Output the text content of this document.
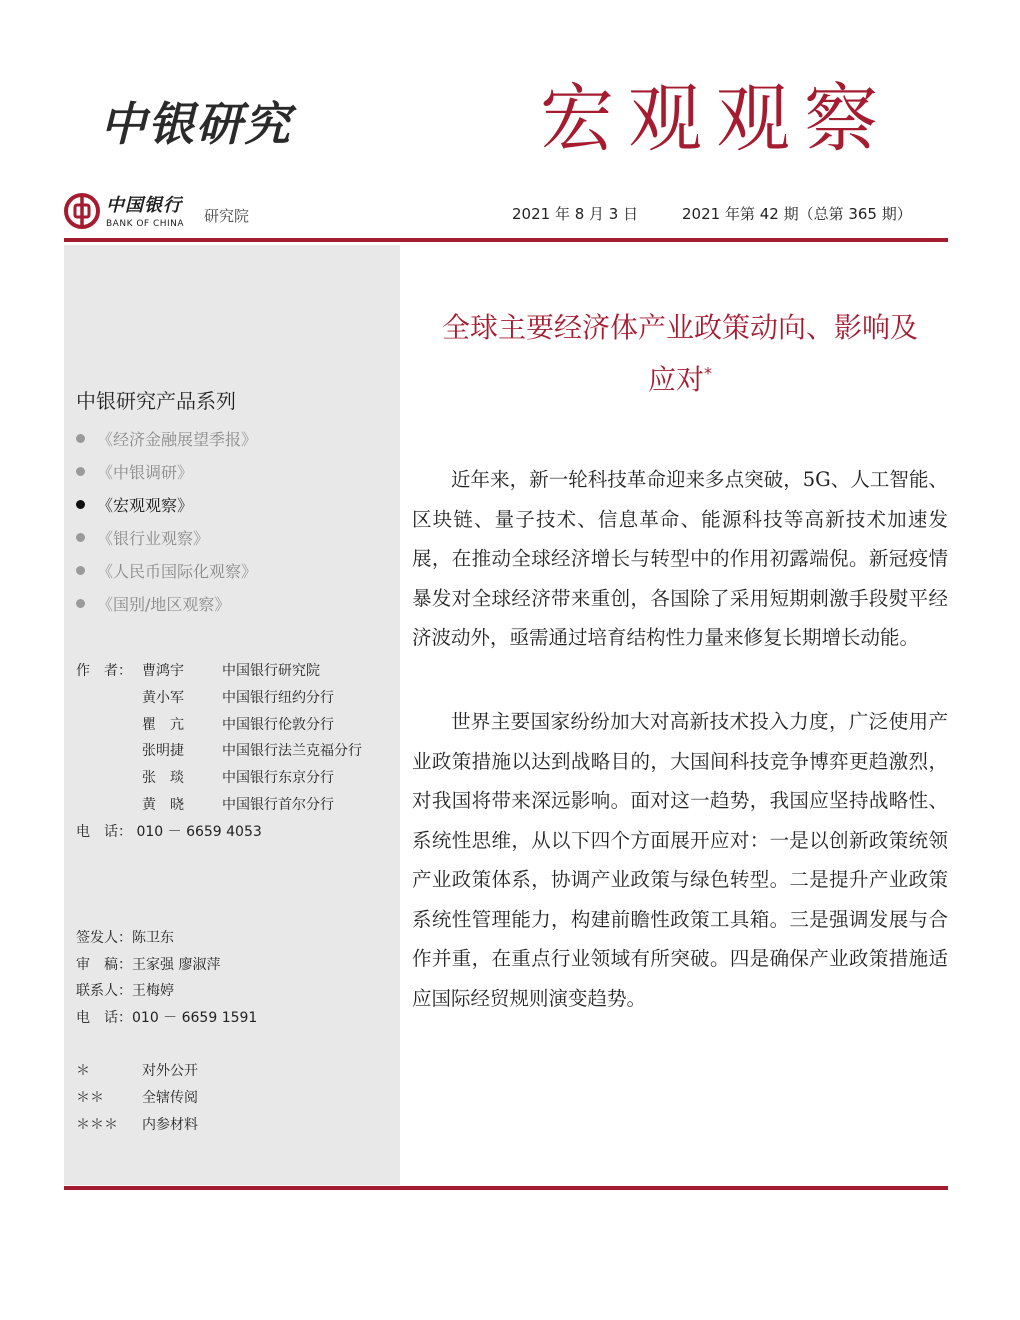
中银研究	宏观观察
中国银行
BANK OF CHINA 研究院	2021 年 8 月 3 日	2021 年第 42 期（总第 365 期）
中银研究产品系列
《经济金融展望季报》
《中银调研》
《宏观观察》
《银行业观察》
《人民币国际化观察》
《国别/地区观察》
作　者： 曹鸿宇	中国银行研究院
黄小军	中国银行纽约分行
瞿　亢	中国银行伦敦分行
张明捷	中国银行法兰克福分行
张　琰	中国银行东京分行
黄　晓	中国银行首尔分行
电　话： 010 － 6659 4053
签发人：陈卫东
审　稿：王家强 廖淑萍
联系人：王梅婷
电　话：010 － 6659 1591
＊	对外公开
＊＊	全辖传阅
＊＊＊ 内参材料
全球主要经济体产业政策动向、影响及
应对*

近年来，新一轮科技革命迎来多点突破，5G、人工智能、区块链、量子技术、信息革命、能源科技等高新技术加速发展，在推动全球经济增长与转型中的作用初露端倪。新冠疫情暴发对全球经济带来重创，各国除了采用短期刺激手段熨平经济波动外，亟需通过培育结构性力量来修复长期增长动能。

世界主要国家纷纷加大对高新技术投入力度，广泛使用产业政策措施以达到战略目的，大国间科技竞争博弈更趋激烈，对我国将带来深远影响。面对这一趋势，我国应坚持战略性、系统性思维，从以下四个方面展开应对：一是以创新政策统领产业政策体系，协调产业政策与绿色转型。二是提升产业政策系统性管理能力，构建前瞻性政策工具箱。三是强调发展与合作并重，在重点行业领域有所突破。四是确保产业政策措施适应国际经贸规则演变趋势。
